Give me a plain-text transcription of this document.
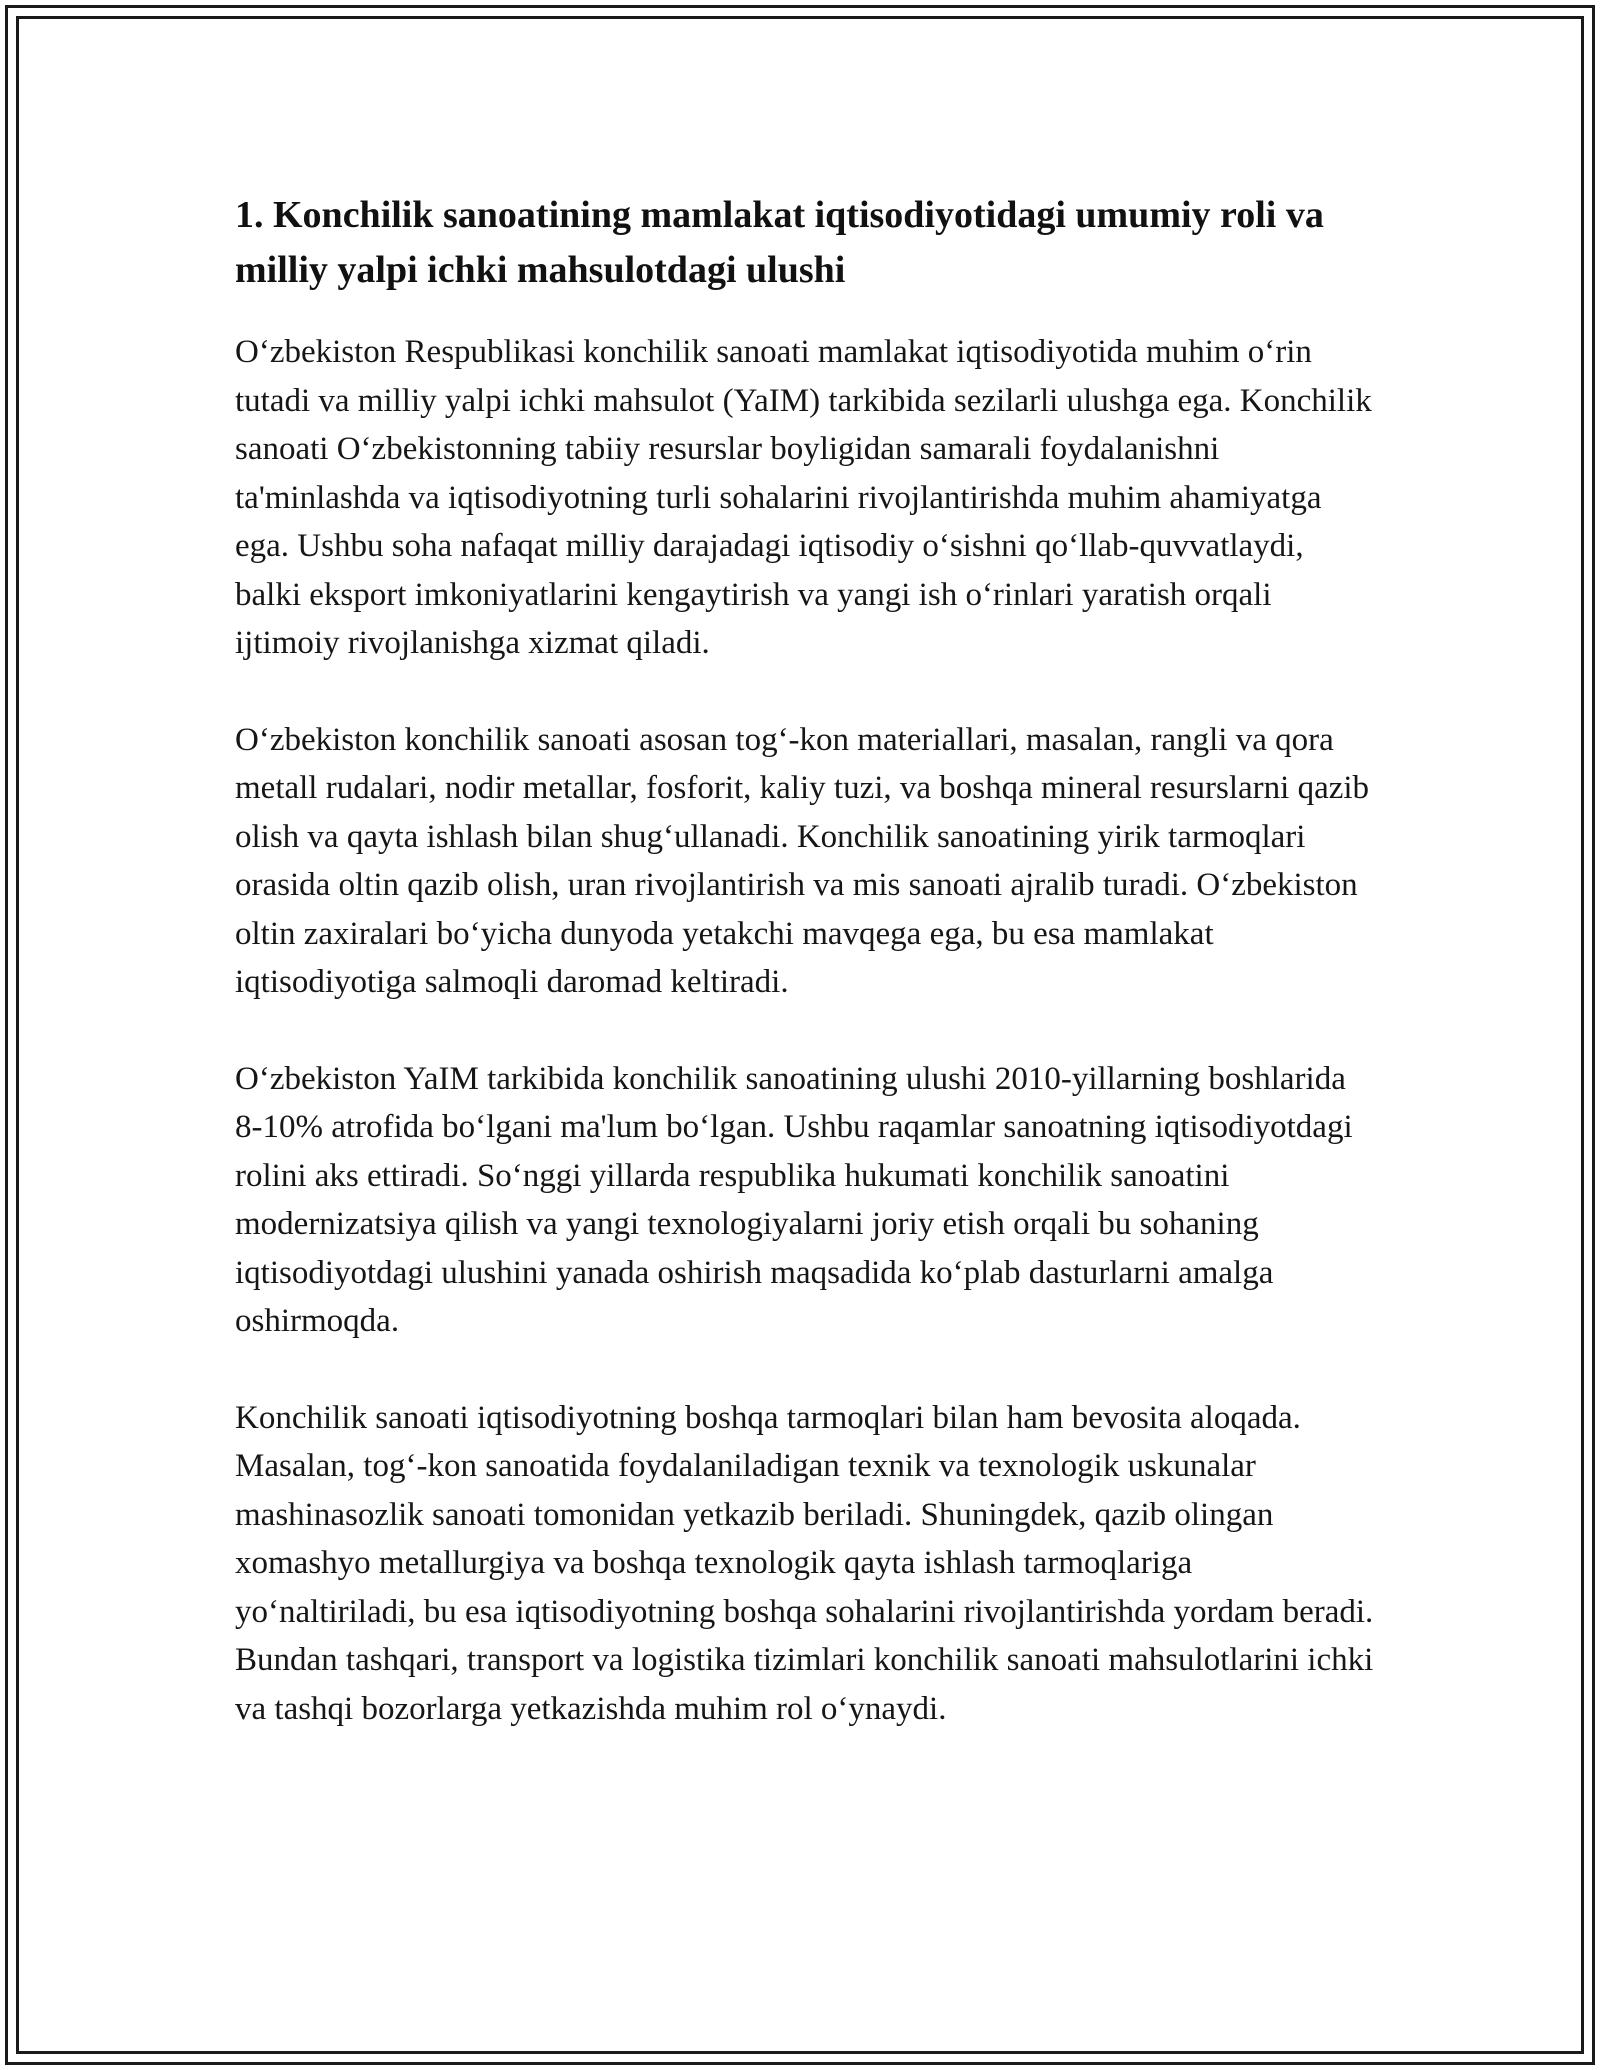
1. Konchilik sanoatining mamlakat iqtisodiyotidagi umumiy roli va milliy yalpi ichki mahsulotdagi ulushi

O‘zbekiston Respublikasi konchilik sanoati mamlakat iqtisodiyotida muhim o‘rin tutadi va milliy yalpi ichki mahsulot (YaIM) tarkibida sezilarli ulushga ega. Konchilik sanoati O‘zbekistonning tabiiy resurslar boyligidan samarali foydalanishni ta'minlashda va iqtisodiyotning turli sohalarini rivojlantirishda muhim ahamiyatga ega. Ushbu soha nafaqat milliy darajadagi iqtisodiy o‘sishni qo‘llab-quvvatlaydi, balki eksport imkoniyatlarini kengaytirish va yangi ish o‘rinlari yaratish orqali ijtimoiy rivojlanishga xizmat qiladi.

O‘zbekiston konchilik sanoati asosan tog‘-kon materiallari, masalan, rangli va qora metall rudalari, nodir metallar, fosforit, kaliy tuzi, va boshqa mineral resurslarni qazib olish va qayta ishlash bilan shug‘ullanadi. Konchilik sanoatining yirik tarmoqlari orasida oltin qazib olish, uran rivojlantirish va mis sanoati ajralib turadi. O‘zbekiston oltin zaxiralari bo‘yicha dunyoda yetakchi mavqega ega, bu esa mamlakat iqtisodiyotiga salmoqli daromad keltiradi.

O‘zbekiston YaIM tarkibida konchilik sanoatining ulushi 2010-yillarning boshlarida 8-10% atrofida bo‘lgani ma'lum bo‘lgan. Ushbu raqamlar sanoatning iqtisodiyotdagi rolini aks ettiradi. So‘nggi yillarda respublika hukumati konchilik sanoatini modernizatsiya qilish va yangi texnologiyalarni joriy etish orqali bu sohaning iqtisodiyotdagi ulushini yanada oshirish maqsadida ko‘plab dasturlarni amalga oshirmoqda.

Konchilik sanoati iqtisodiyotning boshqa tarmoqlari bilan ham bevosita aloqada. Masalan, tog‘-kon sanoatida foydalaniladigan texnik va texnologik uskunalar mashinasozlik sanoati tomonidan yetkazib beriladi. Shuningdek, qazib olingan xomashyo metallurgiya va boshqa texnologik qayta ishlash tarmoqlariga yo‘naltiriladi, bu esa iqtisodiyotning boshqa sohalarini rivojlantirishda yordam beradi. Bundan tashqari, transport va logistika tizimlari konchilik sanoati mahsulotlarini ichki va tashqi bozorlarga yetkazishda muhim rol o‘ynaydi.
